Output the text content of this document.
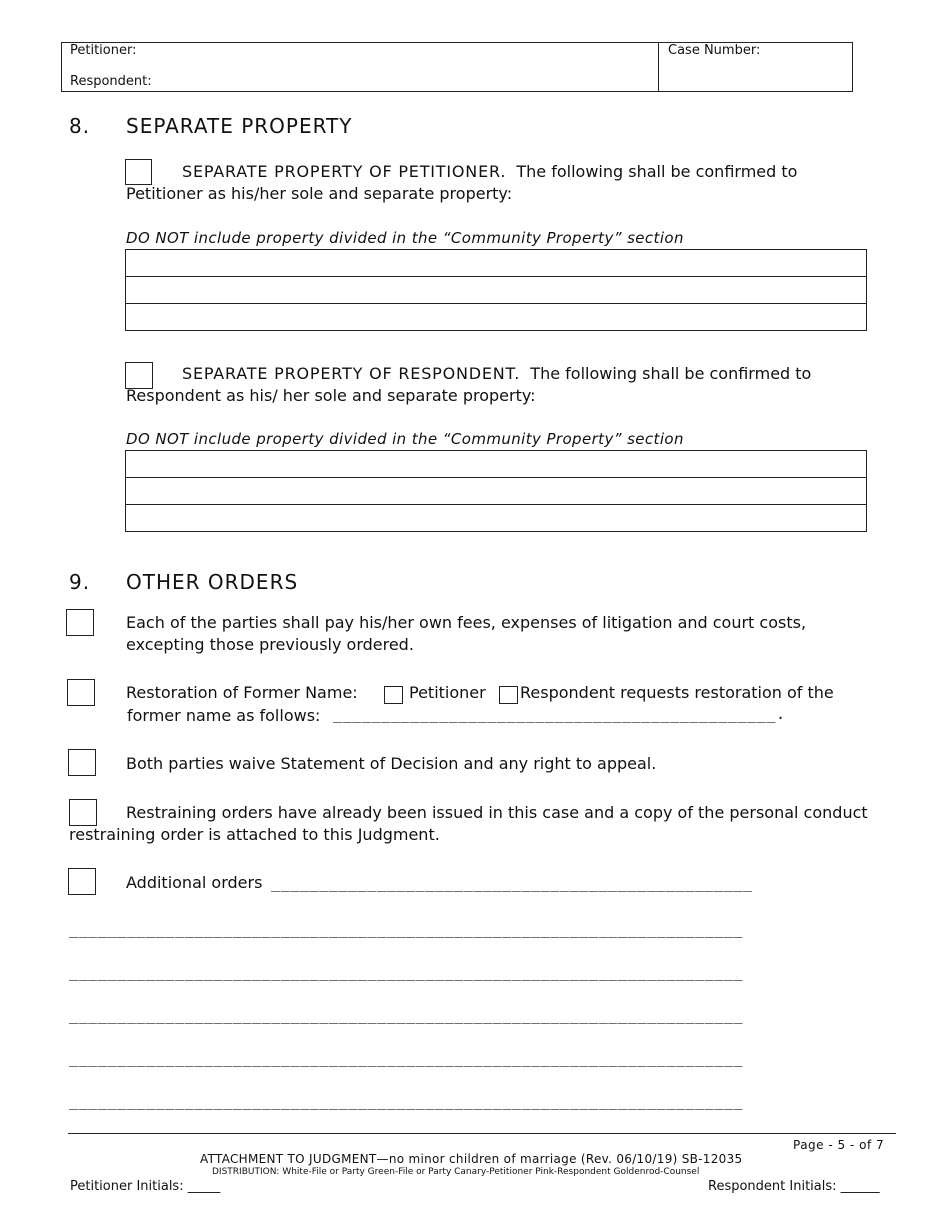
Petitioner:
Respondent:
Case Number:
8. SEPARATE PROPERTY
SEPARATE PROPERTY OF PETITIONER. The following shall be confirmed to
Petitioner as his/her sole and separate property:
DO NOT include property divided in the “Community Property” section
SEPARATE PROPERTY OF RESPONDENT. The following shall be confirmed to
Respondent as his/ her sole and separate property:
DO NOT include property divided in the “Community Property” section
9. OTHER ORDERS
Each of the parties shall pay his/her own fees, expenses of litigation and court costs,
excepting those previously ordered.
Restoration of Former Name:	Petitioner Respondent requests restoration of the
former name as follows: ______________________________________________.
Both parties waive Statement of Decision and any right to appeal.
Restraining orders have already been issued in this case and a copy of the personal conduct
restraining order is attached to this Judgment.
Additional orders __________________________________________________
______________________________________________________________________
______________________________________________________________________
______________________________________________________________________
______________________________________________________________________
______________________________________________________________________
Page - 5 - of 7
ATTACHMENT TO JUDGMENT—no minor children of marriage (Rev. 06/10/19) SB-12035
DISTRIBUTION: White-File or Party Green-File or Party Canary-Petitioner Pink-Respondent Goldenrod-Counsel
Petitioner Initials: _____	Respondent Initials: ______
